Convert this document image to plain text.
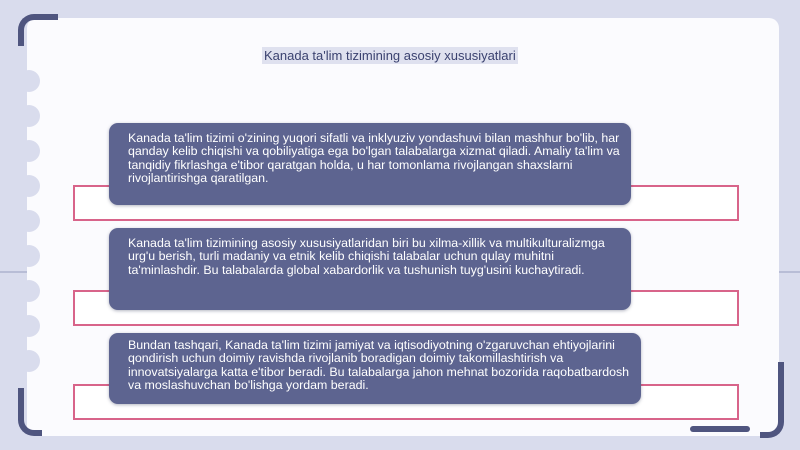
Kanada ta'lim tizimining asosiy xususiyatlari
Kanada ta'lim tizimi o'zining yuqori sifatli va inklyuziv yondashuvi bilan mashhur bo'lib, har qanday kelib chiqishi va qobiliyatiga ega bo'lgan talabalarga xizmat qiladi. Amaliy ta'lim va tanqidiy fikrlashga e'tibor qaratgan holda, u har tomonlama rivojlangan shaxslarni rivojlantirishga qaratilgan.
Kanada ta'lim tizimining asosiy xususiyatlaridan biri bu xilma-xillik va multikulturalizmga urg'u berish, turli madaniy va etnik kelib chiqishi talabalar uchun qulay muhitni ta'minlashdir. Bu talabalarda global xabardorlik va tushunish tuyg'usini kuchaytiradi.
Bundan tashqari, Kanada ta'lim tizimi jamiyat va iqtisodiyotning o'zgaruvchan ehtiyojlarini qondirish uchun doimiy ravishda rivojlanib boradigan doimiy takomillashtirish va innovatsiyalarga katta e'tibor beradi. Bu talabalarga jahon mehnat bozorida raqobatbardosh va moslashuvchan bo'lishga yordam beradi.
